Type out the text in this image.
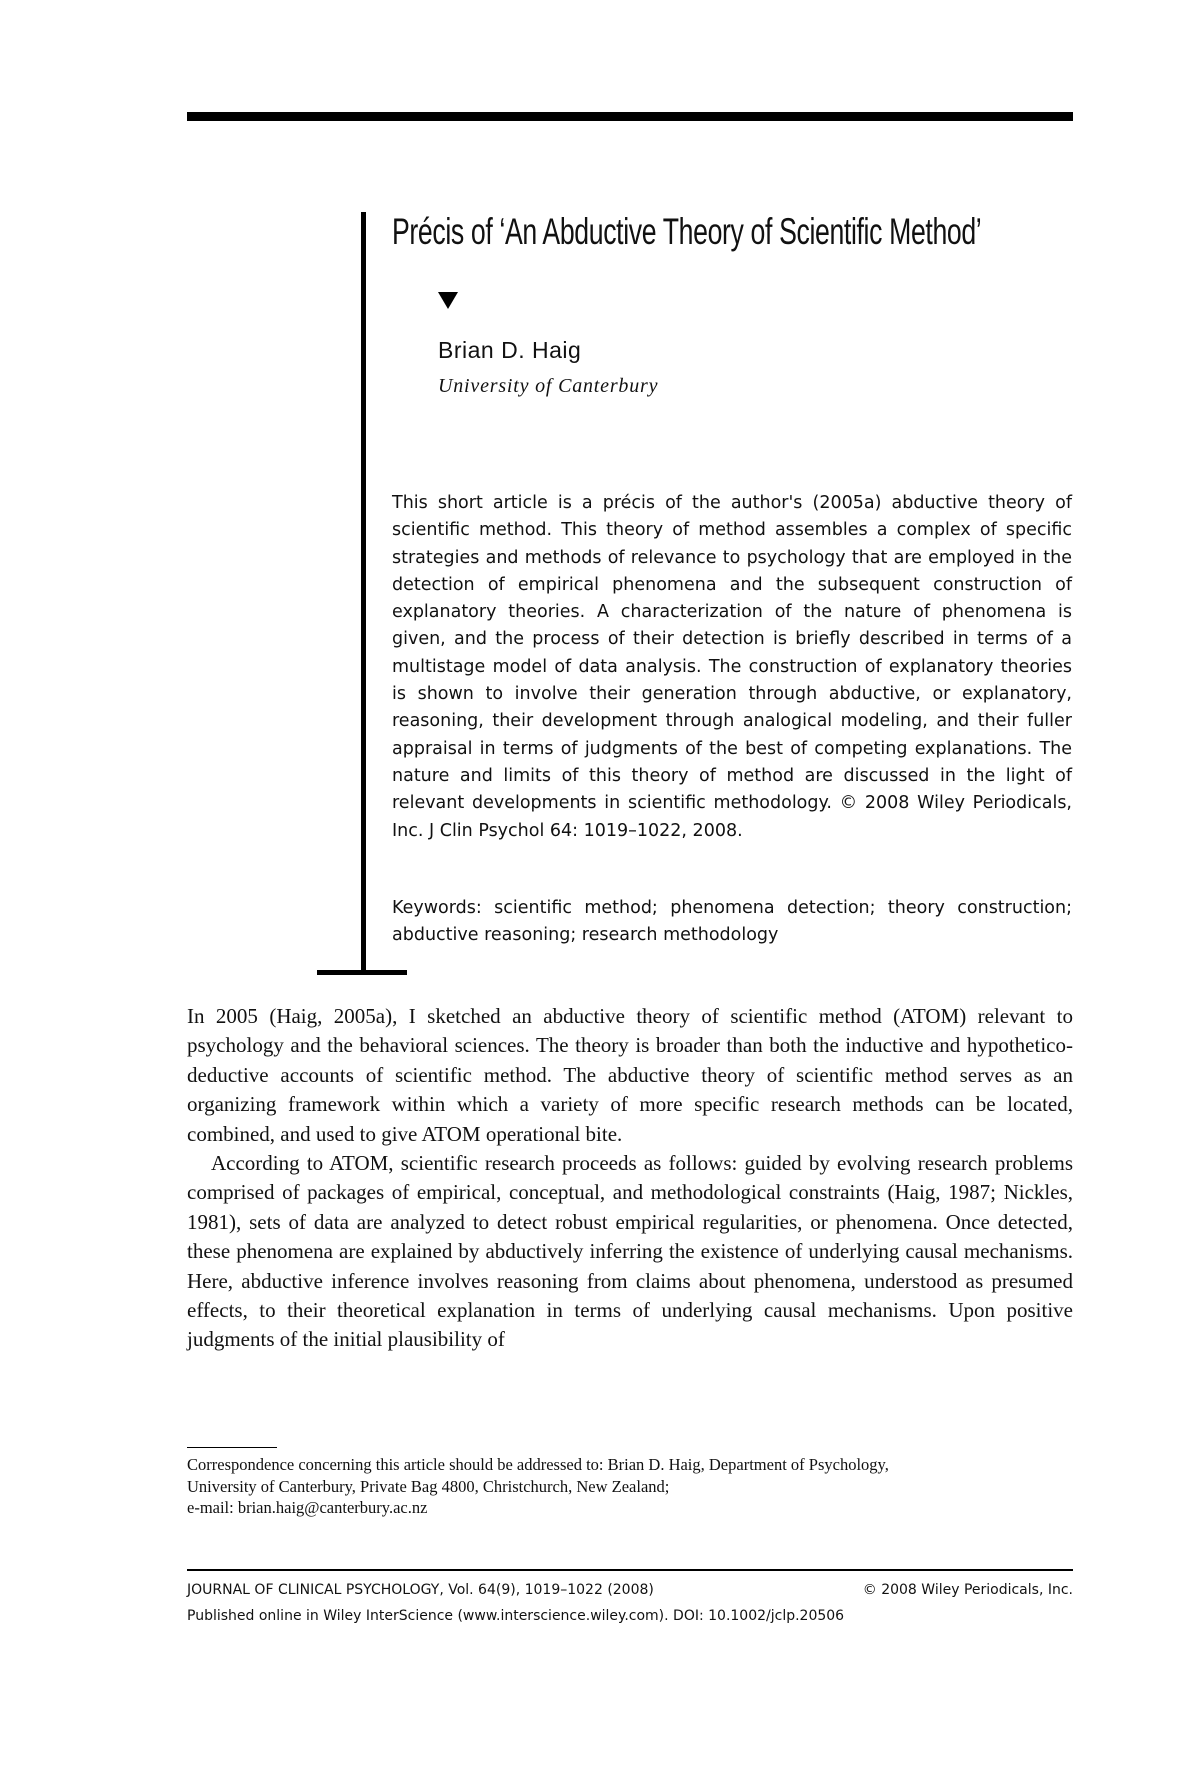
Précis of ‘An Abductive Theory of Scientific Method’

Brian D. Haig

University of Canterbury

This short article is a précis of the author's (2005a) abductive theory of scientific method. This theory of method assembles a complex of specific strategies and methods of relevance to psychology that are employed in the detection of empirical phenomena and the subsequent construction of explanatory theories. A characterization of the nature of phenomena is given, and the process of their detection is briefly described in terms of a multistage model of data analysis. The construction of explanatory theories is shown to involve their generation through abductive, or explanatory, reasoning, their development through analogical modeling, and their fuller appraisal in terms of judgments of the best of competing explanations. The nature and limits of this theory of method are discussed in the light of relevant developments in scientific methodology. © 2008 Wiley Periodicals, Inc. J Clin Psychol 64: 1019–1022, 2008.

Keywords: scientific method; phenomena detection; theory construction; abductive reasoning; research methodology

In 2005 (Haig, 2005a), I sketched an abductive theory of scientific method (ATOM) relevant to psychology and the behavioral sciences. The theory is broader than both the inductive and hypothetico-deductive accounts of scientific method. The abductive theory of scientific method serves as an organizing framework within which a variety of more specific research methods can be located, combined, and used to give ATOM operational bite.

According to ATOM, scientific research proceeds as follows: guided by evolving research problems comprised of packages of empirical, conceptual, and methodological constraints (Haig, 1987; Nickles, 1981), sets of data are analyzed to detect robust empirical regularities, or phenomena. Once detected, these phenomena are explained by abductively inferring the existence of underlying causal mechanisms. Here, abductive inference involves reasoning from claims about phenomena, understood as presumed effects, to their theoretical explanation in terms of underlying causal mechanisms. Upon positive judgments of the initial plausibility of

Correspondence concerning this article should be addressed to: Brian D. Haig, Department of Psychology,
University of Canterbury, Private Bag 4800, Christchurch, New Zealand;
e-mail: brian.haig@canterbury.ac.nz
JOURNAL OF CLINICAL PSYCHOLOGY, Vol. 64(9), 1019–1022 (2008)	© 2008 Wiley Periodicals, Inc.
Published online in Wiley InterScience (www.interscience.wiley.com). DOI: 10.1002/jclp.20506
